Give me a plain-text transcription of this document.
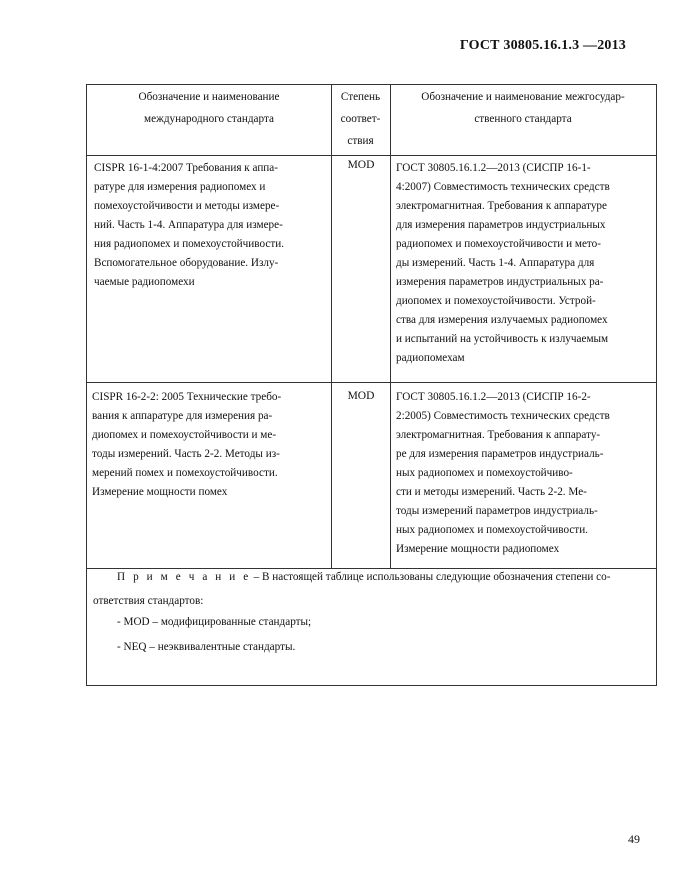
ГОСТ 30805.16.1.3 —2013
Обозначение и наименование
международного стандарта
Степень
соответ-
ствия
Обозначение и наименование межгосудар-
ственного стандарта
CISPR 16-1-4:2007 Требования к аппа-
ратуре для измерения радиопомех и
помехоустойчивости и методы измере-
ний. Часть 1-4. Аппаратура для измере-
ния радиопомех и помехоустойчивости.
Вспомогательное оборудование. Излу-
чаемые радиопомехи
MOD	ГОСТ 30805.16.1.2—2013 (СИСПР 16-1-
4:2007) Совместимость технических средств
электромагнитная. Требования к аппаратуре
для измерения параметров индустриальных
радиопомех и помехоустойчивости и мето-
ды измерений. Часть 1-4. Аппаратура для
измерения параметров индустриальных ра-
диопомех и помехоустойчивости. Устрой-
ства для измерения излучаемых радиопомех
и испытаний на устойчивость к излучаемым
радиопомехам
CISPR 16-2-2: 2005 Технические требо-
вания к аппаратуре для измерения ра-
диопомех и помехоустойчивости и ме-
тоды измерений. Часть 2-2. Методы из-
мерений помех и помехоустойчивости.
Измерение мощности помех
MOD	ГОСТ 30805.16.1.2—2013 (СИСПР 16-2-
2:2005) Совместимость технических средств
электромагнитная. Требования к аппарату-
ре для измерения параметров индустриаль-
ных радиопомех и помехоустойчиво-
сти и методы измерений. Часть 2-2. Ме-
тоды измерений параметров индустриаль-
ных радиопомех и помехоустойчивости.
Измерение мощности радиопомех
П р и м е ч а н и е – В настоящей таблице использованы следующие обозначения степени со-
ответствия стандартов:
- MOD – модифицированные стандарты;
- NEQ – неэквивалентные стандарты.
49
